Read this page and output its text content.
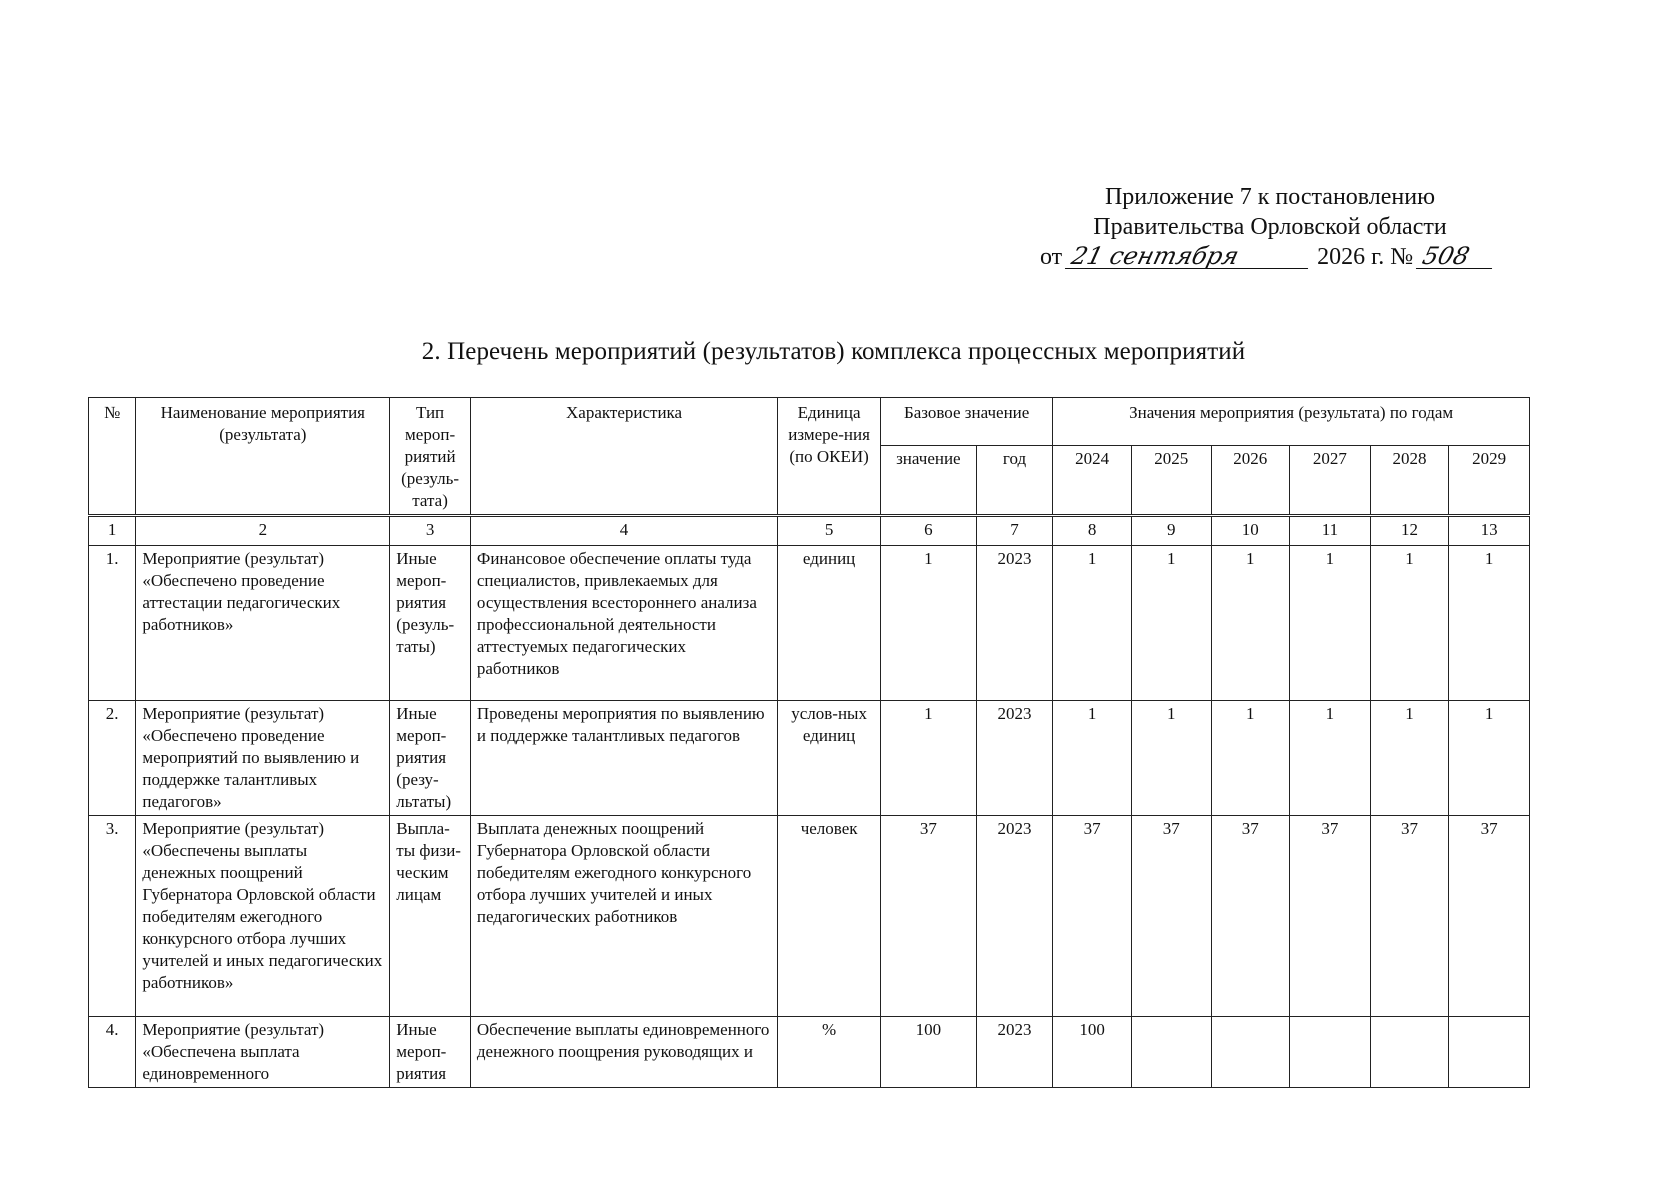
Приложение 7 к постановлению
Правительства Орловской области
от 21 сентября	2026 г. № 508
2. Перечень мероприятий (результатов) комплекса процессных мероприятий
№	Наименование мероприятия (результата)	Тип мероп-риятий (резуль-тата)	Характеристика	Единица измере-ния (по ОКЕИ)	Базовое значение		Значения мероприятия (результата) по годам					
					значение	год	2024	2025	2026	2027	2028	2029
1	2	3	4	5	6	7	8	9	10	11	12	13
1.	Мероприятие (результат) «Обеспечено проведение аттестации педагогических работников»	Иные мероп-риятия (резуль-таты)	Финансовое обеспечение оплаты туда специалистов, привлекаемых для осуществления всестороннего анализа профессиональной деятельности аттестуемых педагогических работников	единиц	1	2023	1	1	1	1	1	1
2.	Мероприятие (результат) «Обеспечено проведение мероприятий по выявлению и поддержке талантливых педагогов»	Иные мероп-риятия (резу-льтаты)	Проведены мероприятия по выявлению и поддержке талантливых педагогов	услов-ных единиц	1	2023	1	1	1	1	1	1
3.	Мероприятие (результат) «Обеспечены выплаты денежных поощрений Губернатора Орловской области победителям ежегодного конкурсного отбора лучших учителей и иных педагогических работников»	Выпла-ты физи-ческим лицам	Выплата денежных поощрений Губернатора Орловской области победителям ежегодного конкурсного отбора лучших учителей и иных педагогических работников	человек	37	2023	37	37	37	37	37	37
4.	Мероприятие (результат) «Обеспечена выплата единовременного	Иные мероп-риятия	Обеспечение выплаты единовременного денежного поощрения руководящих и	%	100	2023	100					
